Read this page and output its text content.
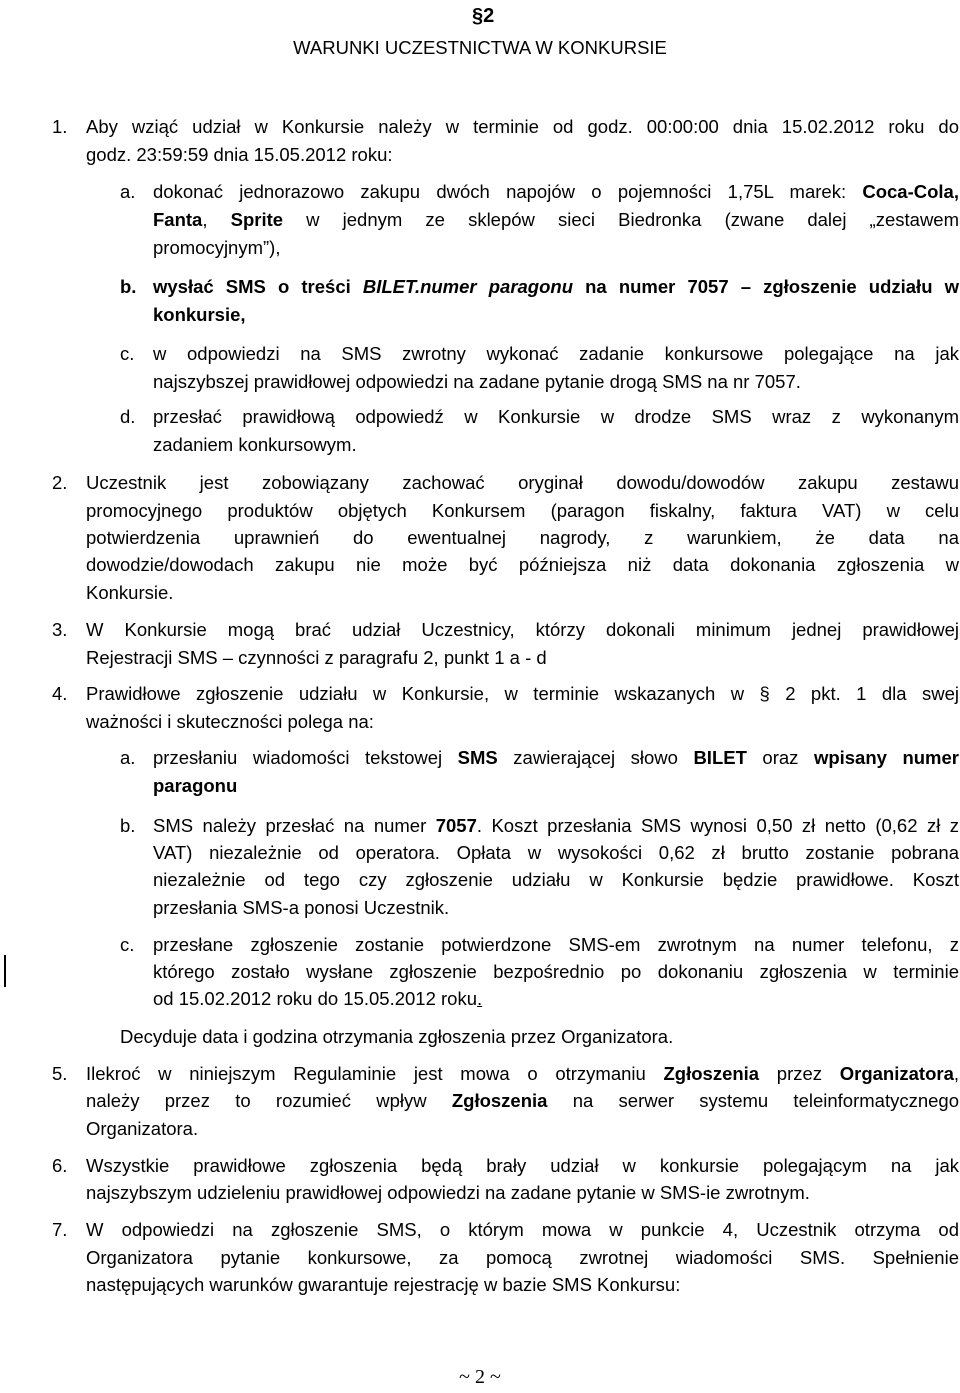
§2
WARUNKI UCZESTNICTWA W KONKURSIE
1. Aby wziąć udział w Konkursie należy w terminie od godz. 00:00:00 dnia 15.02.2012 roku do
godz. 23:59:59 dnia 15.05.2012 roku:
a. dokonać jednorazowo zakupu dwóch napojów o pojemności 1,75L marek: Coca-Cola,
Fanta, Sprite w jednym ze sklepów sieci Biedronka (zwane dalej „zestawem
promocyjnym”),
b. wysłać SMS o treści BILET.numer paragonu na numer 7057 – zgłoszenie udziału w
konkursie,
c. w odpowiedzi na SMS zwrotny wykonać zadanie konkursowe polegające na jak
najszybszej prawidłowej odpowiedzi na zadane pytanie drogą SMS na nr 7057.
d. przesłać prawidłową odpowiedź w Konkursie w drodze SMS wraz z wykonanym
zadaniem konkursowym.
2. Uczestnik jest zobowiązany zachować oryginał dowodu/dowodów zakupu zestawu
promocyjnego produktów objętych Konkursem (paragon fiskalny, faktura VAT) w celu
potwierdzenia uprawnień do ewentualnej nagrody, z warunkiem, że data na
dowodzie/dowodach zakupu nie może być późniejsza niż data dokonania zgłoszenia w
Konkursie.
3. W Konkursie mogą brać udział Uczestnicy, którzy dokonali minimum jednej prawidłowej
Rejestracji SMS – czynności z paragrafu 2, punkt 1 a - d
4. Prawidłowe zgłoszenie udziału w Konkursie, w terminie wskazanych w § 2 pkt. 1 dla swej
ważności i skuteczności polega na:
a. przesłaniu wiadomości tekstowej SMS zawierającej słowo BILET oraz wpisany numer
paragonu
b. SMS należy przesłać na numer 7057. Koszt przesłania SMS wynosi 0,50 zł netto (0,62 zł z
VAT) niezależnie od operatora. Opłata w wysokości 0,62 zł brutto zostanie pobrana
niezależnie od tego czy zgłoszenie udziału w Konkursie będzie prawidłowe. Koszt
przesłania SMS-a ponosi Uczestnik.
c. przesłane zgłoszenie zostanie potwierdzone SMS-em zwrotnym na numer telefonu, z
którego zostało wysłane zgłoszenie bezpośrednio po dokonaniu zgłoszenia w terminie
od 15.02.2012 roku do 15.05.2012 roku.
Decyduje data i godzina otrzymania zgłoszenia przez Organizatora.
5. Ilekroć w niniejszym Regulaminie jest mowa o otrzymaniu Zgłoszenia przez Organizatora,
należy przez to rozumieć wpływ Zgłoszenia na serwer systemu teleinformatycznego
Organizatora.
6. Wszystkie prawidłowe zgłoszenia będą brały udział w konkursie polegającym na jak
najszybszym udzieleniu prawidłowej odpowiedzi na zadane pytanie w SMS-ie zwrotnym.
7. W odpowiedzi na zgłoszenie SMS, o którym mowa w punkcie 4, Uczestnik otrzyma od
Organizatora pytanie konkursowe, za pomocą zwrotnej wiadomości SMS. Spełnienie
następujących warunków gwarantuje rejestrację w bazie SMS Konkursu:
~ 2 ~
